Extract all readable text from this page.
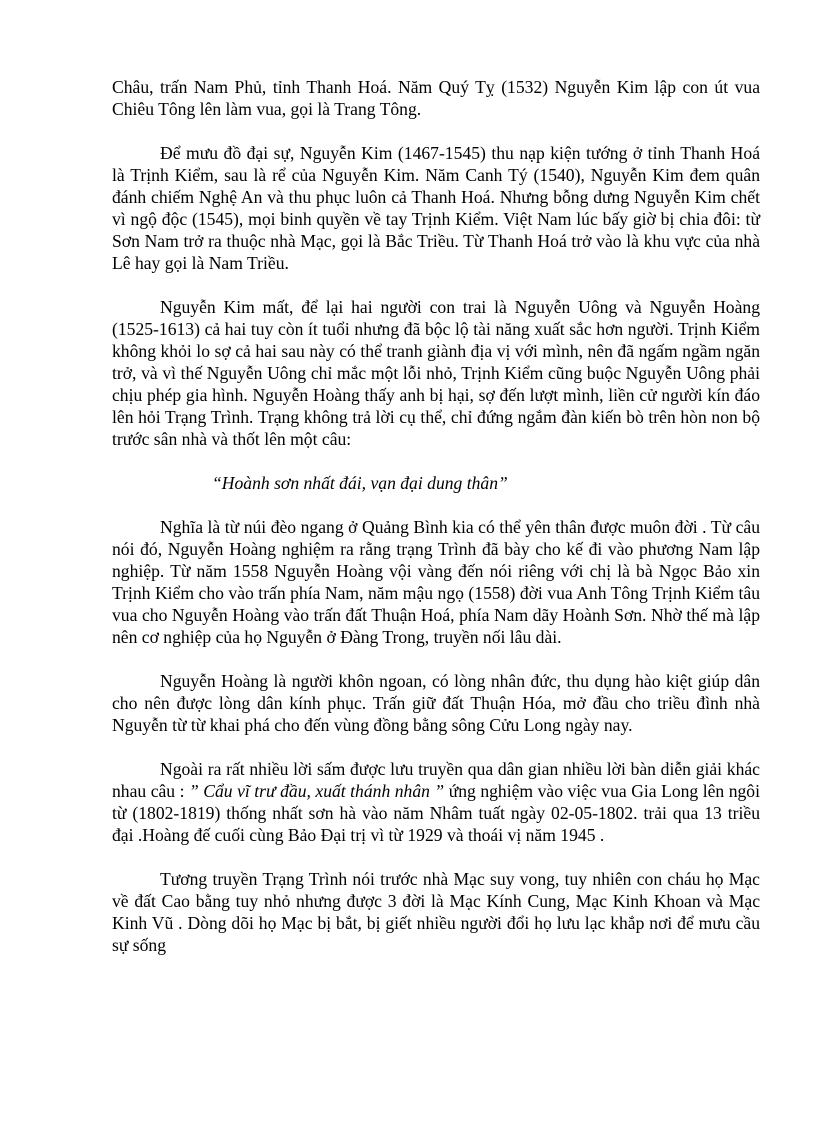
Châu, trấn Nam Phủ, tỉnh Thanh Hoá. Năm Quý Tỵ (1532) Nguyễn Kim lập con út vua Chiêu Tông lên làm vua, gọi là Trang Tông.

Để mưu đồ đại sự, Nguyễn Kim (1467-1545) thu nạp kiện tướng ở tỉnh Thanh Hoá là Trịnh Kiểm, sau là rể của Nguyễn Kim. Năm Canh Tý (1540), Nguyễn Kim đem quân đánh chiếm Nghệ An và thu phục luôn cả Thanh Hoá. Nhưng bỗng dưng Nguyễn Kim chết vì ngộ độc (1545), mọi binh quyền về tay Trịnh Kiểm. Việt Nam lúc bấy giờ bị chia đôi: từ Sơn Nam trở ra thuộc nhà Mạc, gọi là Bắc Triều. Từ Thanh Hoá trở vào là khu vực của nhà Lê hay gọi là Nam Triều.

Nguyễn Kim mất, để lại hai người con trai là Nguyễn Uông và Nguyễn Hoàng (1525-1613) cả hai tuy còn ít tuổi nhưng đã bộc lộ tài năng xuất sắc hơn người. Trịnh Kiểm không khỏi lo sợ cả hai sau này có thể tranh giành địa vị với mình, nên đã ngấm ngầm ngăn trở, và vì thế Nguyễn Uông chỉ mắc một lỗi nhỏ, Trịnh Kiểm cũng buộc Nguyễn Uông phải chịu phép gia hình. Nguyễn Hoàng thấy anh bị hại, sợ đến lượt mình, liền cử người kín đáo lên hỏi Trạng Trình. Trạng không trả lời cụ thể, chỉ đứng ngắm đàn kiến bò trên hòn non bộ trước sân nhà và thốt lên một câu:

“Hoành sơn nhất đái, vạn đại dung thân”

Nghĩa là từ núi đèo ngang ở Quảng Bình kia có thể yên thân được muôn đời . Từ câu nói đó, Nguyễn Hoàng nghiệm ra rằng trạng Trình đã bày cho kế đi vào phương Nam lập nghiệp. Từ năm 1558 Nguyễn Hoàng vội vàng đến nói riêng với chị là bà Ngọc Bảo xin Trịnh Kiểm cho vào trấn phía Nam, năm mậu ngọ (1558) đời vua Anh Tông Trịnh Kiểm tâu vua cho Nguyễn Hoàng vào trấn đất Thuận Hoá, phía Nam dãy Hoành Sơn. Nhờ thế mà lập nên cơ nghiệp của họ Nguyễn ở Đàng Trong, truyền nối lâu dài.

Nguyễn Hoàng là người khôn ngoan, có lòng nhân đức, thu dụng hào kiệt giúp dân cho nên được lòng dân kính phục. Trấn giữ đất Thuận Hóa, mở đầu cho triều đình nhà Nguyễn từ từ khai phá cho đến vùng đồng bằng sông Cửu Long ngày nay.

Ngoài ra rất nhiều lời sấm được lưu truyền qua dân gian nhiều lời bàn diễn giải khác nhau câu : ” Cẩu vĩ trư đầu, xuất thánh nhân ” ứng nghiệm vào việc vua Gia Long lên ngôi từ (1802-1819) thống nhất sơn hà vào năm Nhâm tuất ngày 02-05-1802. trải qua 13 triều đại .Hoàng đế cuối cùng Bảo Đại trị vì từ 1929 và thoái vị năm 1945 .

Tương truyền Trạng Trình nói trước nhà Mạc suy vong, tuy nhiên con cháu họ Mạc về đất Cao bằng tuy nhỏ nhưng được 3 đời là Mạc Kính Cung, Mạc Kinh Khoan và Mạc Kinh Vũ . Dòng dõi họ Mạc bị bắt, bị giết nhiều người đổi họ lưu lạc khắp nơi để mưu cầu sự sống
